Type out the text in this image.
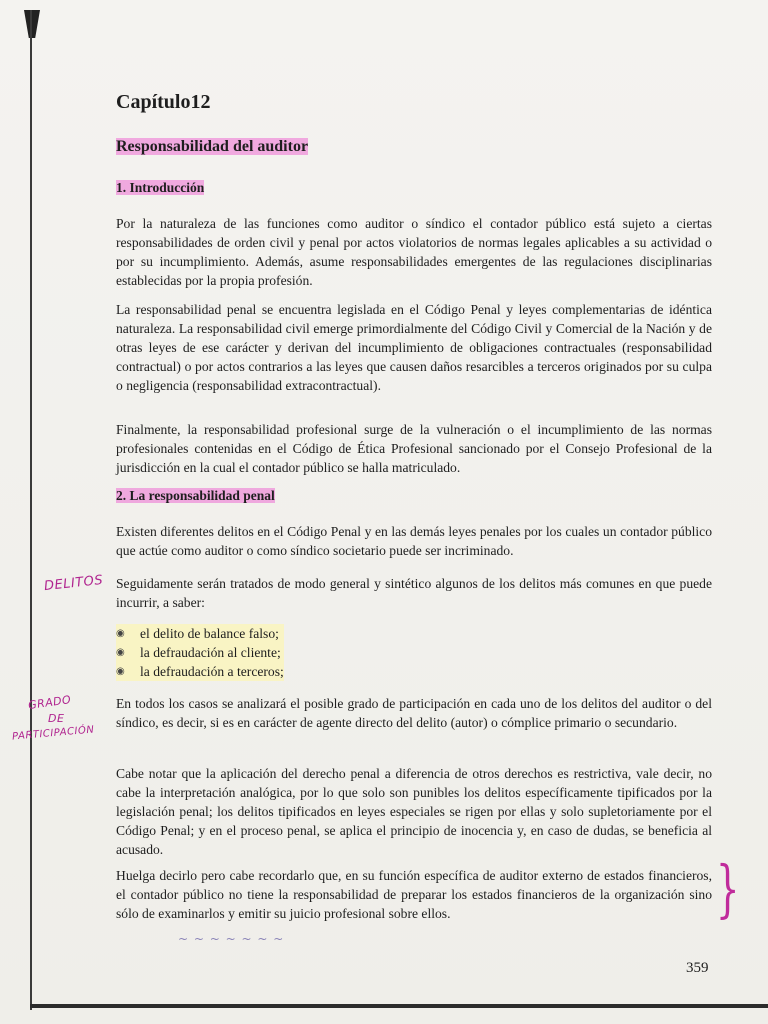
DELITOS
GRADO
DE
PARTICIPACIÓN
Capítulo12
Responsabilidad del auditor
1. Introducción

Por la naturaleza de las funciones como auditor o síndico el contador público está sujeto a ciertas responsabilidades de orden civil y penal por actos violatorios de normas legales aplicables a su actividad o por su incumplimiento. Además, asume responsabilidades emergentes de las regulaciones disciplinarias establecidas por la propia profesión.

La responsabilidad penal se encuentra legislada en el Código Penal y leyes complementarias de idéntica naturaleza. La responsabilidad civil emerge primordialmente del Código Civil y Comercial de la Nación y de otras leyes de ese carácter y derivan del incumplimiento de obligaciones contractuales (responsabilidad contractual) o por actos contrarios a las leyes que causen daños resarcibles a terceros originados por su culpa o negligencia (responsabilidad extracontractual).

Finalmente, la responsabilidad profesional surge de la vulneración o el incumplimiento de las normas profesionales contenidas en el Código de Ética Profesional sancionado por el Consejo Profesional de la jurisdicción en la cual el contador público se halla matriculado.

2. La responsabilidad penal

Existen diferentes delitos en el Código Penal y en las demás leyes penales por los cuales un contador público que actúe como auditor o como síndico societario puede ser incriminado.

Seguidamente serán tratados de modo general y sintético algunos de los delitos más comunes en que puede incurrir, a saber:

◉ el delito de balance falso;
◉ la defraudación al cliente;
◉ la defraudación a terceros;

En todos los casos se analizará el posible grado de participación en cada uno de los delitos del auditor o del síndico, es decir, si es en carácter de agente directo del delito (autor) o cómplice primario o secundario.

Cabe notar que la aplicación del derecho penal a diferencia de otros derechos es restrictiva, vale decir, no cabe la interpretación analógica, por lo que solo son punibles los delitos específicamente tipificados por la legislación penal; los delitos tipificados en leyes especiales se rigen por ellas y solo supletoriamente por el Código Penal; y en el proceso penal, se aplica el principio de inocencia y, en caso de dudas, se beneficia al acusado.

Huelga decirlo pero cabe recordarlo que, en su función específica de auditor externo de estados financieros, el contador público no tiene la responsabilidad de preparar los estados financieros de la organización sino sólo de examinarlos y emitir su juicio profesional sobre ellos.	}
~ ~ ~ ~ ~ ~ ~
359
